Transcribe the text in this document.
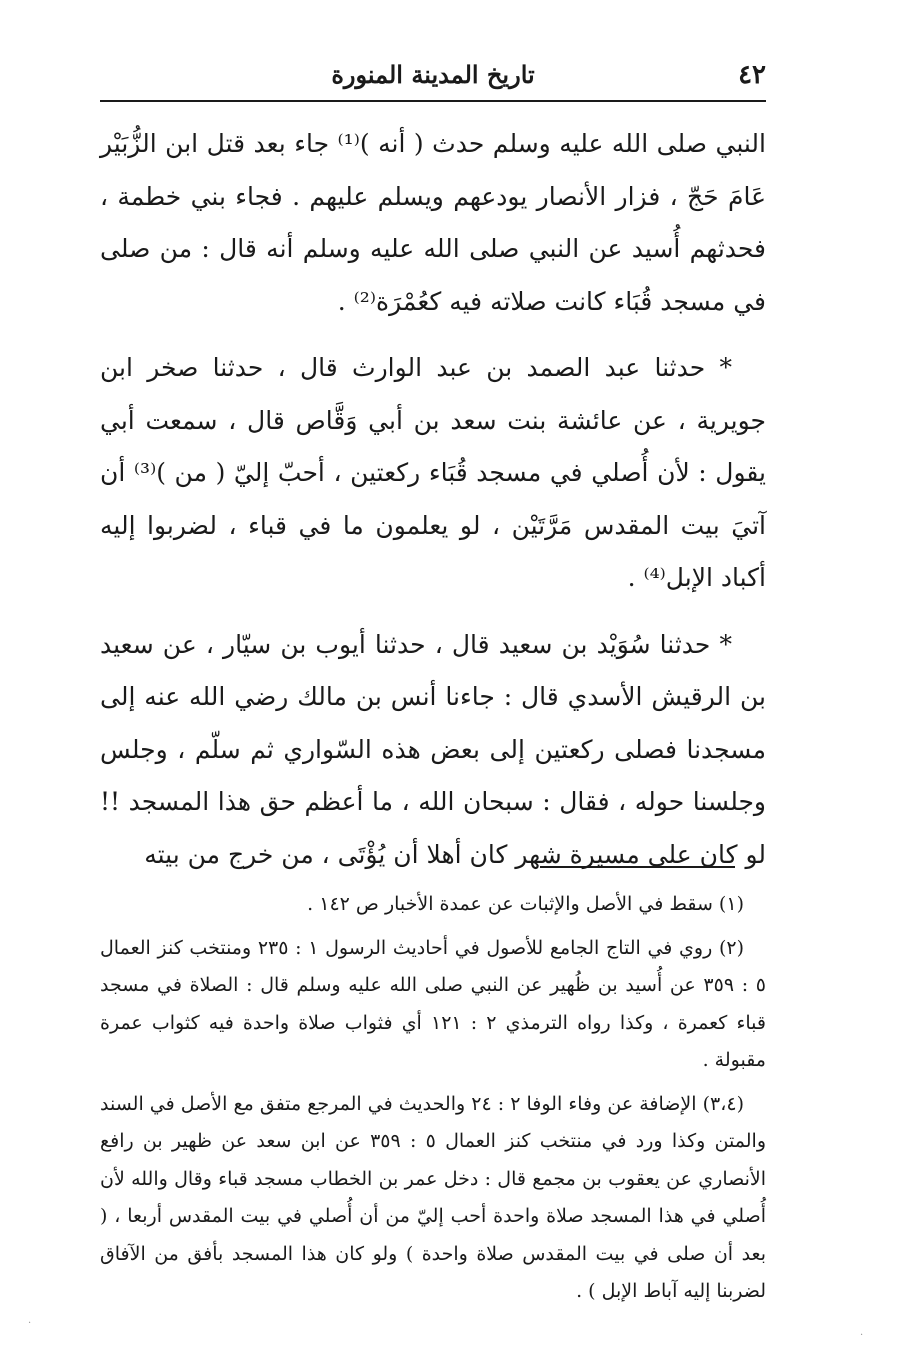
٤٢
تاريخ المدينة المنورة

النبي صلى الله عليه وسلم حدث ( أنه )⁽¹⁾ جاء بعد قتل ابن الزُّبَيْر عَامَ حَجّ ، فزار الأنصار يودعهم ويسلم عليهم . فجاء بني خطمة ، فحدثهم أُسيد عن النبي صلى الله عليه وسلم أنه قال : من صلى في مسجد قُبَاء كانت صلاته فيه كعُمْرَة⁽²⁾ .

* حدثنا عبد الصمد بن عبد الوارث قال ، حدثنا صخر ابن جويرية ، عن عائشة بنت سعد بن أبي وَقَّاص قال ، سمعت أبي يقول : لأن أُصلي في مسجد قُبَاء ركعتين ، أحبّ إليّ ( من )⁽³⁾ أن آتيَ بيت المقدس مَرَّتَيْن ، لو يعلمون ما في قباء ، لضربوا إليه أكباد الإبل⁽⁴⁾ .

* حدثنا سُوَيْد بن سعيد قال ، حدثنا أيوب بن سيّار ، عن سعيد بن الرقيش الأسدي قال : جاءنا أنس بن مالك رضي الله عنه إلى مسجدنا فصلى ركعتين إلى بعض هذه السّواري ثم سلّم ، وجلس وجلسنا حوله ، فقال : سبحان الله ، ما أعظم حق هذا المسجد !! لو كان على مسيرة شهر كان أهلا أن يُؤْتَى ، من خرج من بيته

(١) سقط في الأصل والإثبات عن عمدة الأخبار ص ١٤٢ .

(٢) روي في التاج الجامع للأصول في أحاديث الرسول ١ : ٢٣٥ ومنتخب كنز العمال ٥ : ٣٥٩ عن أُسيد بن ظُهير عن النبي صلى الله عليه وسلم قال : الصلاة في مسجد قباء كعمرة ، وكذا رواه الترمذي ٢ : ١٢١ أي فثواب صلاة واحدة فيه كثواب عمرة مقبولة .

(٣،٤) الإضافة عن وفاء الوفا ٢ : ٢٤ والحديث في المرجع متفق مع الأصل في السند والمتن وكذا ورد في منتخب كنز العمال ٥ : ٣٥٩ عن ابن سعد عن ظهير بن رافع الأنصاري عن يعقوب بن مجمع قال : دخل عمر بن الخطاب مسجد قباء وقال والله لأن أُصلي في هذا المسجد صلاة واحدة أحب إليّ من أن أُصلي في بيت المقدس أربعا ، ( بعد أن صلى في بيت المقدس صلاة واحدة ) ولو كان هذا المسجد بأفق من الآفاق لضربنا إليه آباط الإبل ) .

·
·
